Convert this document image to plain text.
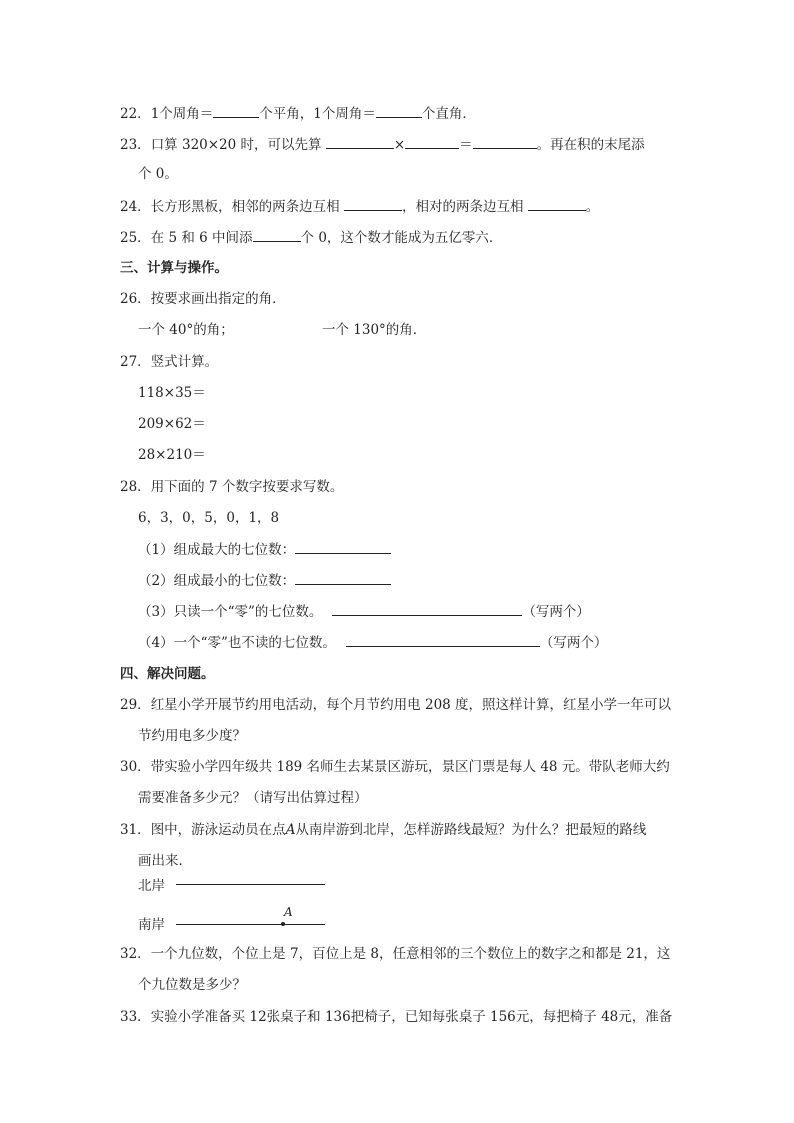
22．1个周角＝	个平角，1个周角＝	个直角．
23．口算 320×20 时，可以先算	×	＝	。再在积的末尾添
个 0。
24．长方形黑板，相邻的两条边互相	，相对的两条边互相	。
25．在 5 和 6 中间添	个 0，这个数才能成为五亿零六．
三、计算与操作。
26．按要求画出指定的角．
一个 40°的角；	一个 130°的角．
27．竖式计算。
118×35＝
209×62＝
28×210＝
28．用下面的 7 个数字按要求写数。
6，3，0，5，0，1，8
（1）组成最大的七位数：
（2）组成最小的七位数：
（3）只读一个“零”的七位数。	（写两个）
（4）一个“零”也不读的七位数。	（写两个）
四、解决问题。
29．红星小学开展节约用电活动，每个月节约用电 208 度，照这样计算，红星小学一年可以
节约用电多少度？
30．带实验小学四年级共 189 名师生去某景区游玩，景区门票是每人 48 元。带队老师大约
需要准备多少元？（请写出估算过程）
31．图中，游泳运动员在点A从南岸游到北岸，怎样游路线最短？为什么？把最短的路线
画出来．
北岸
南岸
A
32．一个九位数，个位上是 7，百位上是 8，任意相邻的三个数位上的数字之和都是 21，这
个九位数是多少？
33．实验小学准备买 12张桌子和 136把椅子，已知每张桌子 156元，每把椅子 48元，准备
